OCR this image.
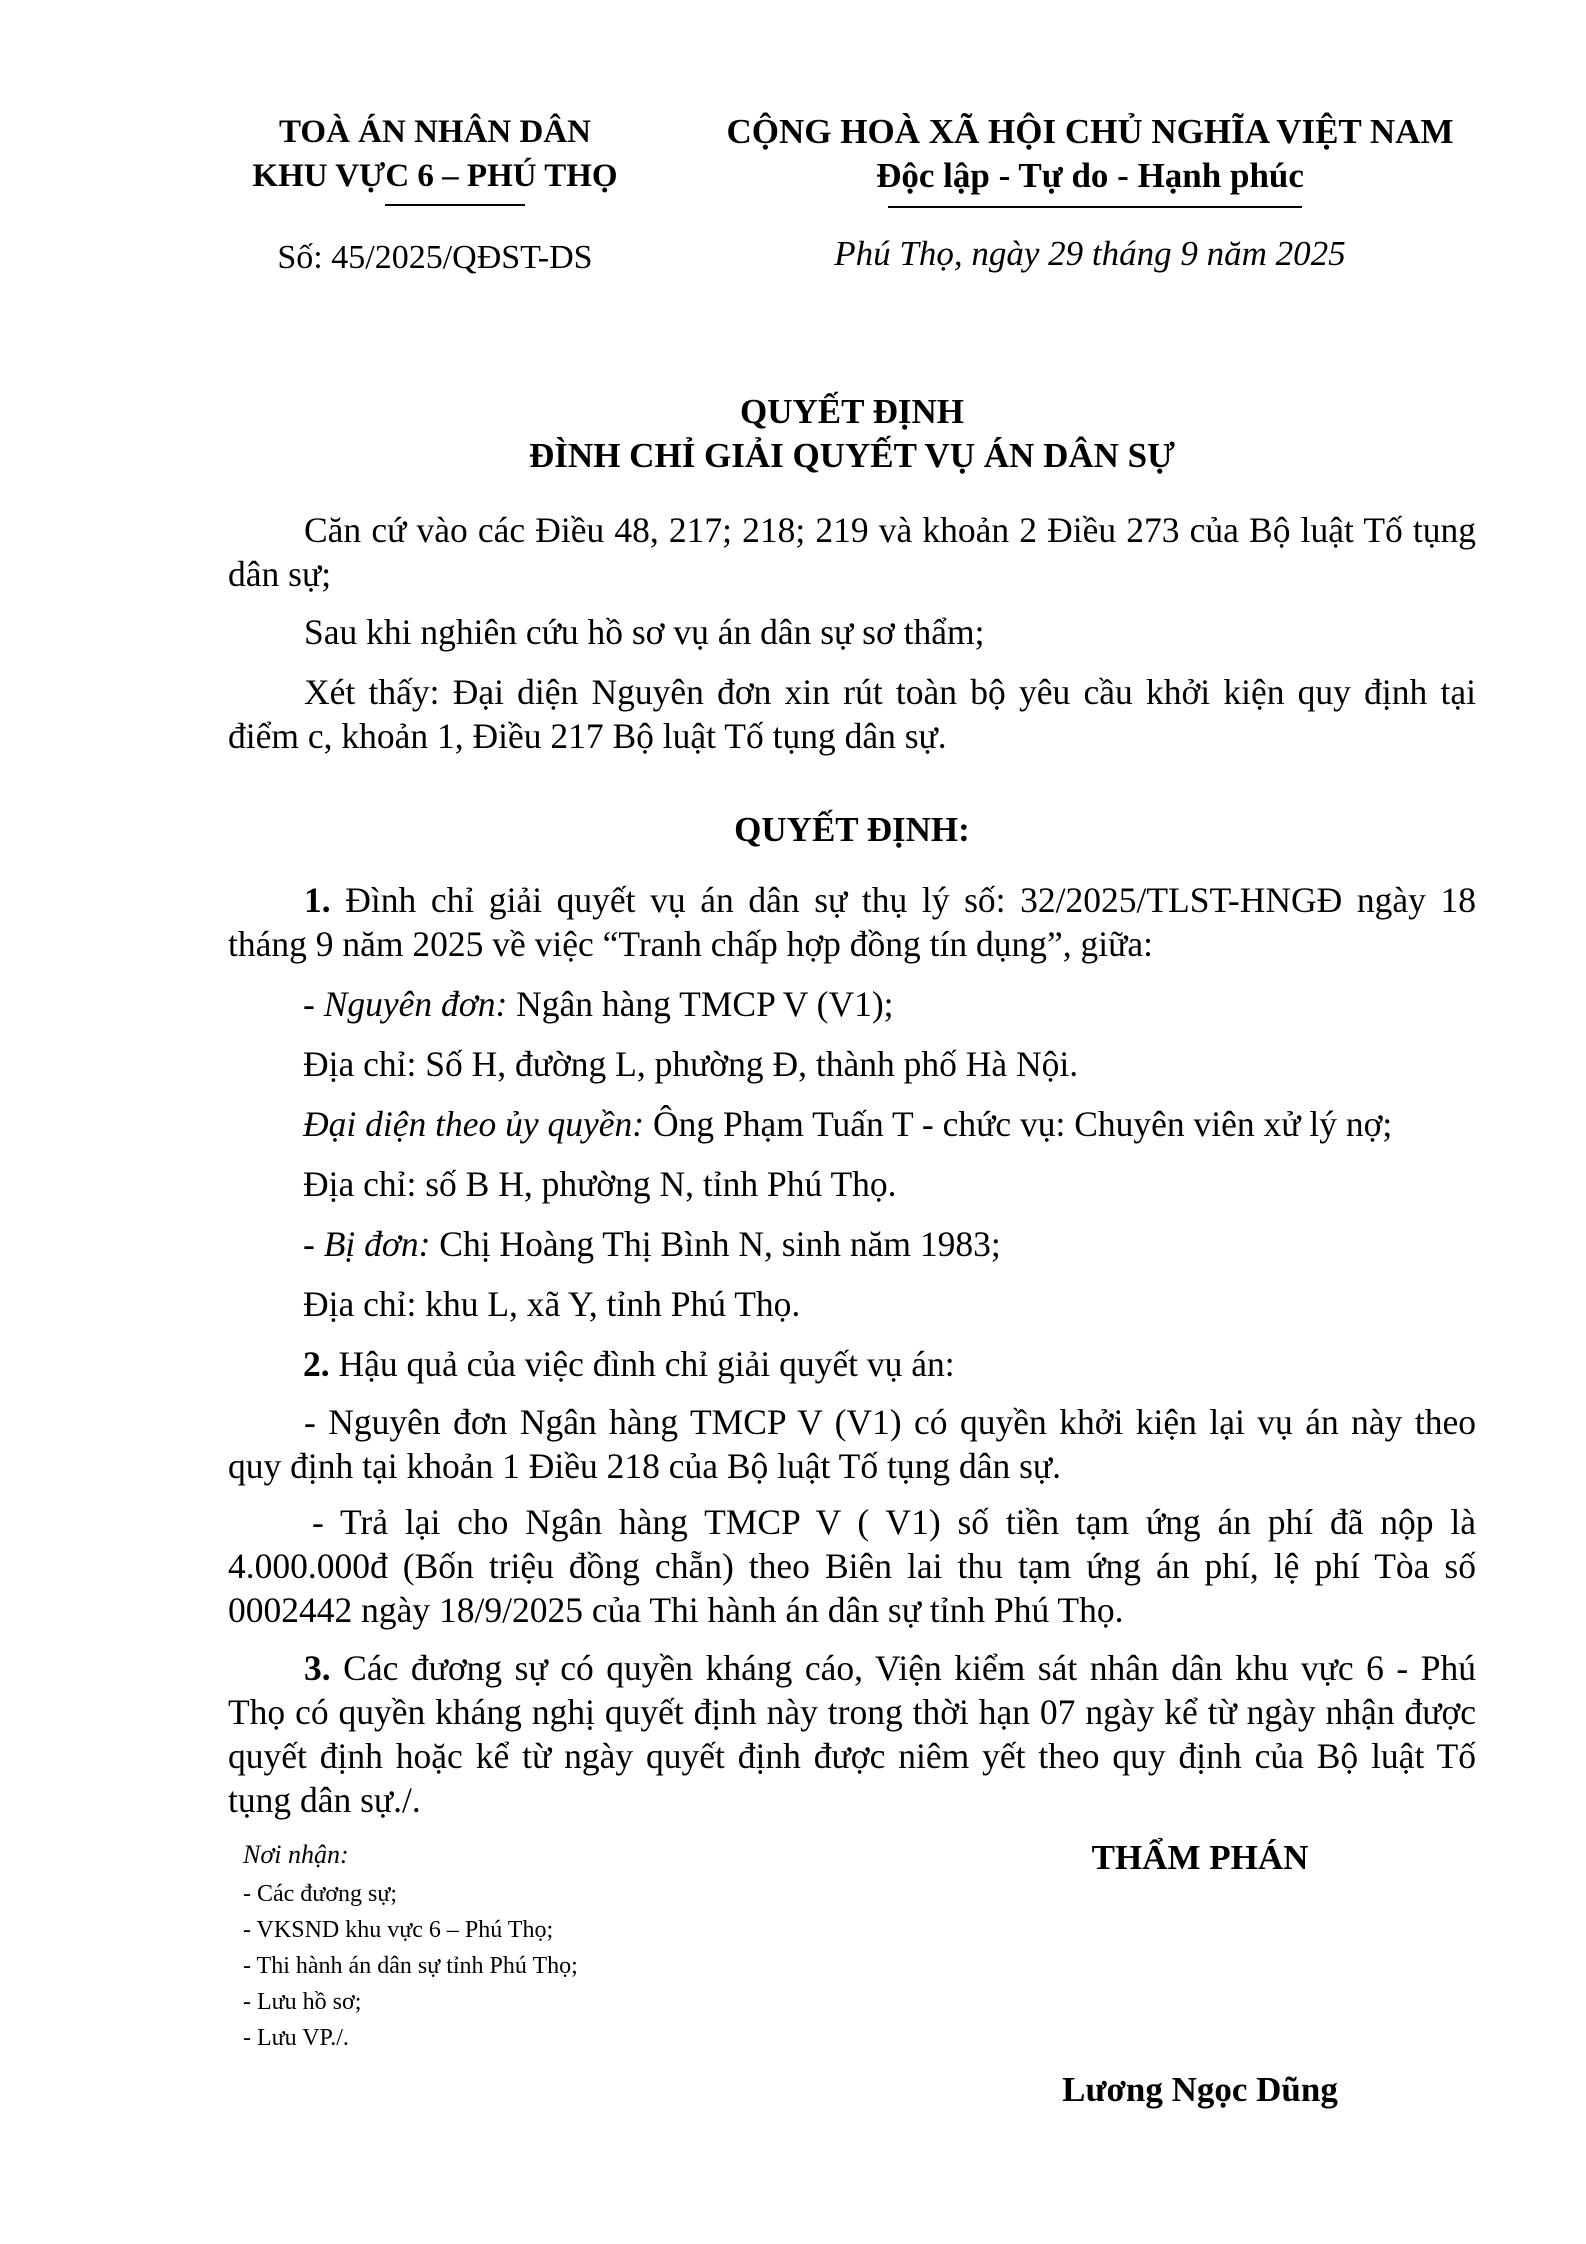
TOÀ ÁN NHÂN DÂN
KHU VỰC 6 – PHÚ THỌ
Số: 45/2025/QĐST-DS
CỘNG HOÀ XÃ HỘI CHỦ NGHĨA VIỆT NAM
Độc lập - Tự do - Hạnh phúc
Phú Thọ, ngày 29 tháng 9 năm 2025
QUYẾT ĐỊNH
ĐÌNH CHỈ GIẢI QUYẾT VỤ ÁN DÂN SỰ
Căn cứ vào các Điều 48, 217; 218; 219 và khoản 2 Điều 273 của Bộ luật Tố tụng dân sự;
Sau khi nghiên cứu hồ sơ vụ án dân sự sơ thẩm;
Xét thấy: Đại diện Nguyên đơn xin rút toàn bộ yêu cầu khởi kiện quy định tại điểm c, khoản 1, Điều 217 Bộ luật Tố tụng dân sự.
QUYẾT ĐỊNH:
1. Đình chỉ giải quyết vụ án dân sự thụ lý số: 32/2025/TLST-HNGĐ ngày 18 tháng 9 năm 2025 về việc “Tranh chấp hợp đồng tín dụng”, giữa:
- Nguyên đơn: Ngân hàng TMCP V (V1);
Địa chỉ: Số H, đường L, phường Đ, thành phố Hà Nội.
Đại diện theo ủy quyền: Ông Phạm Tuấn T - chức vụ: Chuyên viên xử lý nợ;
Địa chỉ: số B H, phường N, tỉnh Phú Thọ.
- Bị đơn: Chị Hoàng Thị Bình N, sinh năm 1983;
Địa chỉ: khu L, xã Y, tỉnh Phú Thọ.
2. Hậu quả của việc đình chỉ giải quyết vụ án:
- Nguyên đơn Ngân hàng TMCP V (V1) có quyền khởi kiện lại vụ án này theo quy định tại khoản 1 Điều 218 của Bộ luật Tố tụng dân sự.
- Trả lại cho Ngân hàng TMCP V ( V1) số tiền tạm ứng án phí đã nộp là 4.000.000đ (Bốn triệu đồng chẵn) theo Biên lai thu tạm ứng án phí, lệ phí Tòa số 0002442 ngày 18/9/2025 của Thi hành án dân sự tỉnh Phú Thọ.
3. Các đương sự có quyền kháng cáo, Viện kiểm sát nhân dân khu vực 6 - Phú Thọ có quyền kháng nghị quyết định này trong thời hạn 07 ngày kể từ ngày nhận được quyết định hoặc kể từ ngày quyết định được niêm yết theo quy định của Bộ luật Tố tụng dân sự./.
Nơi nhận:
- Các đương sự;
- VKSND khu vực 6 – Phú Thọ;
- Thi hành án dân sự tỉnh Phú Thọ;
- Lưu hồ sơ;
- Lưu VP./.
THẨM PHÁN
Lương Ngọc Dũng
